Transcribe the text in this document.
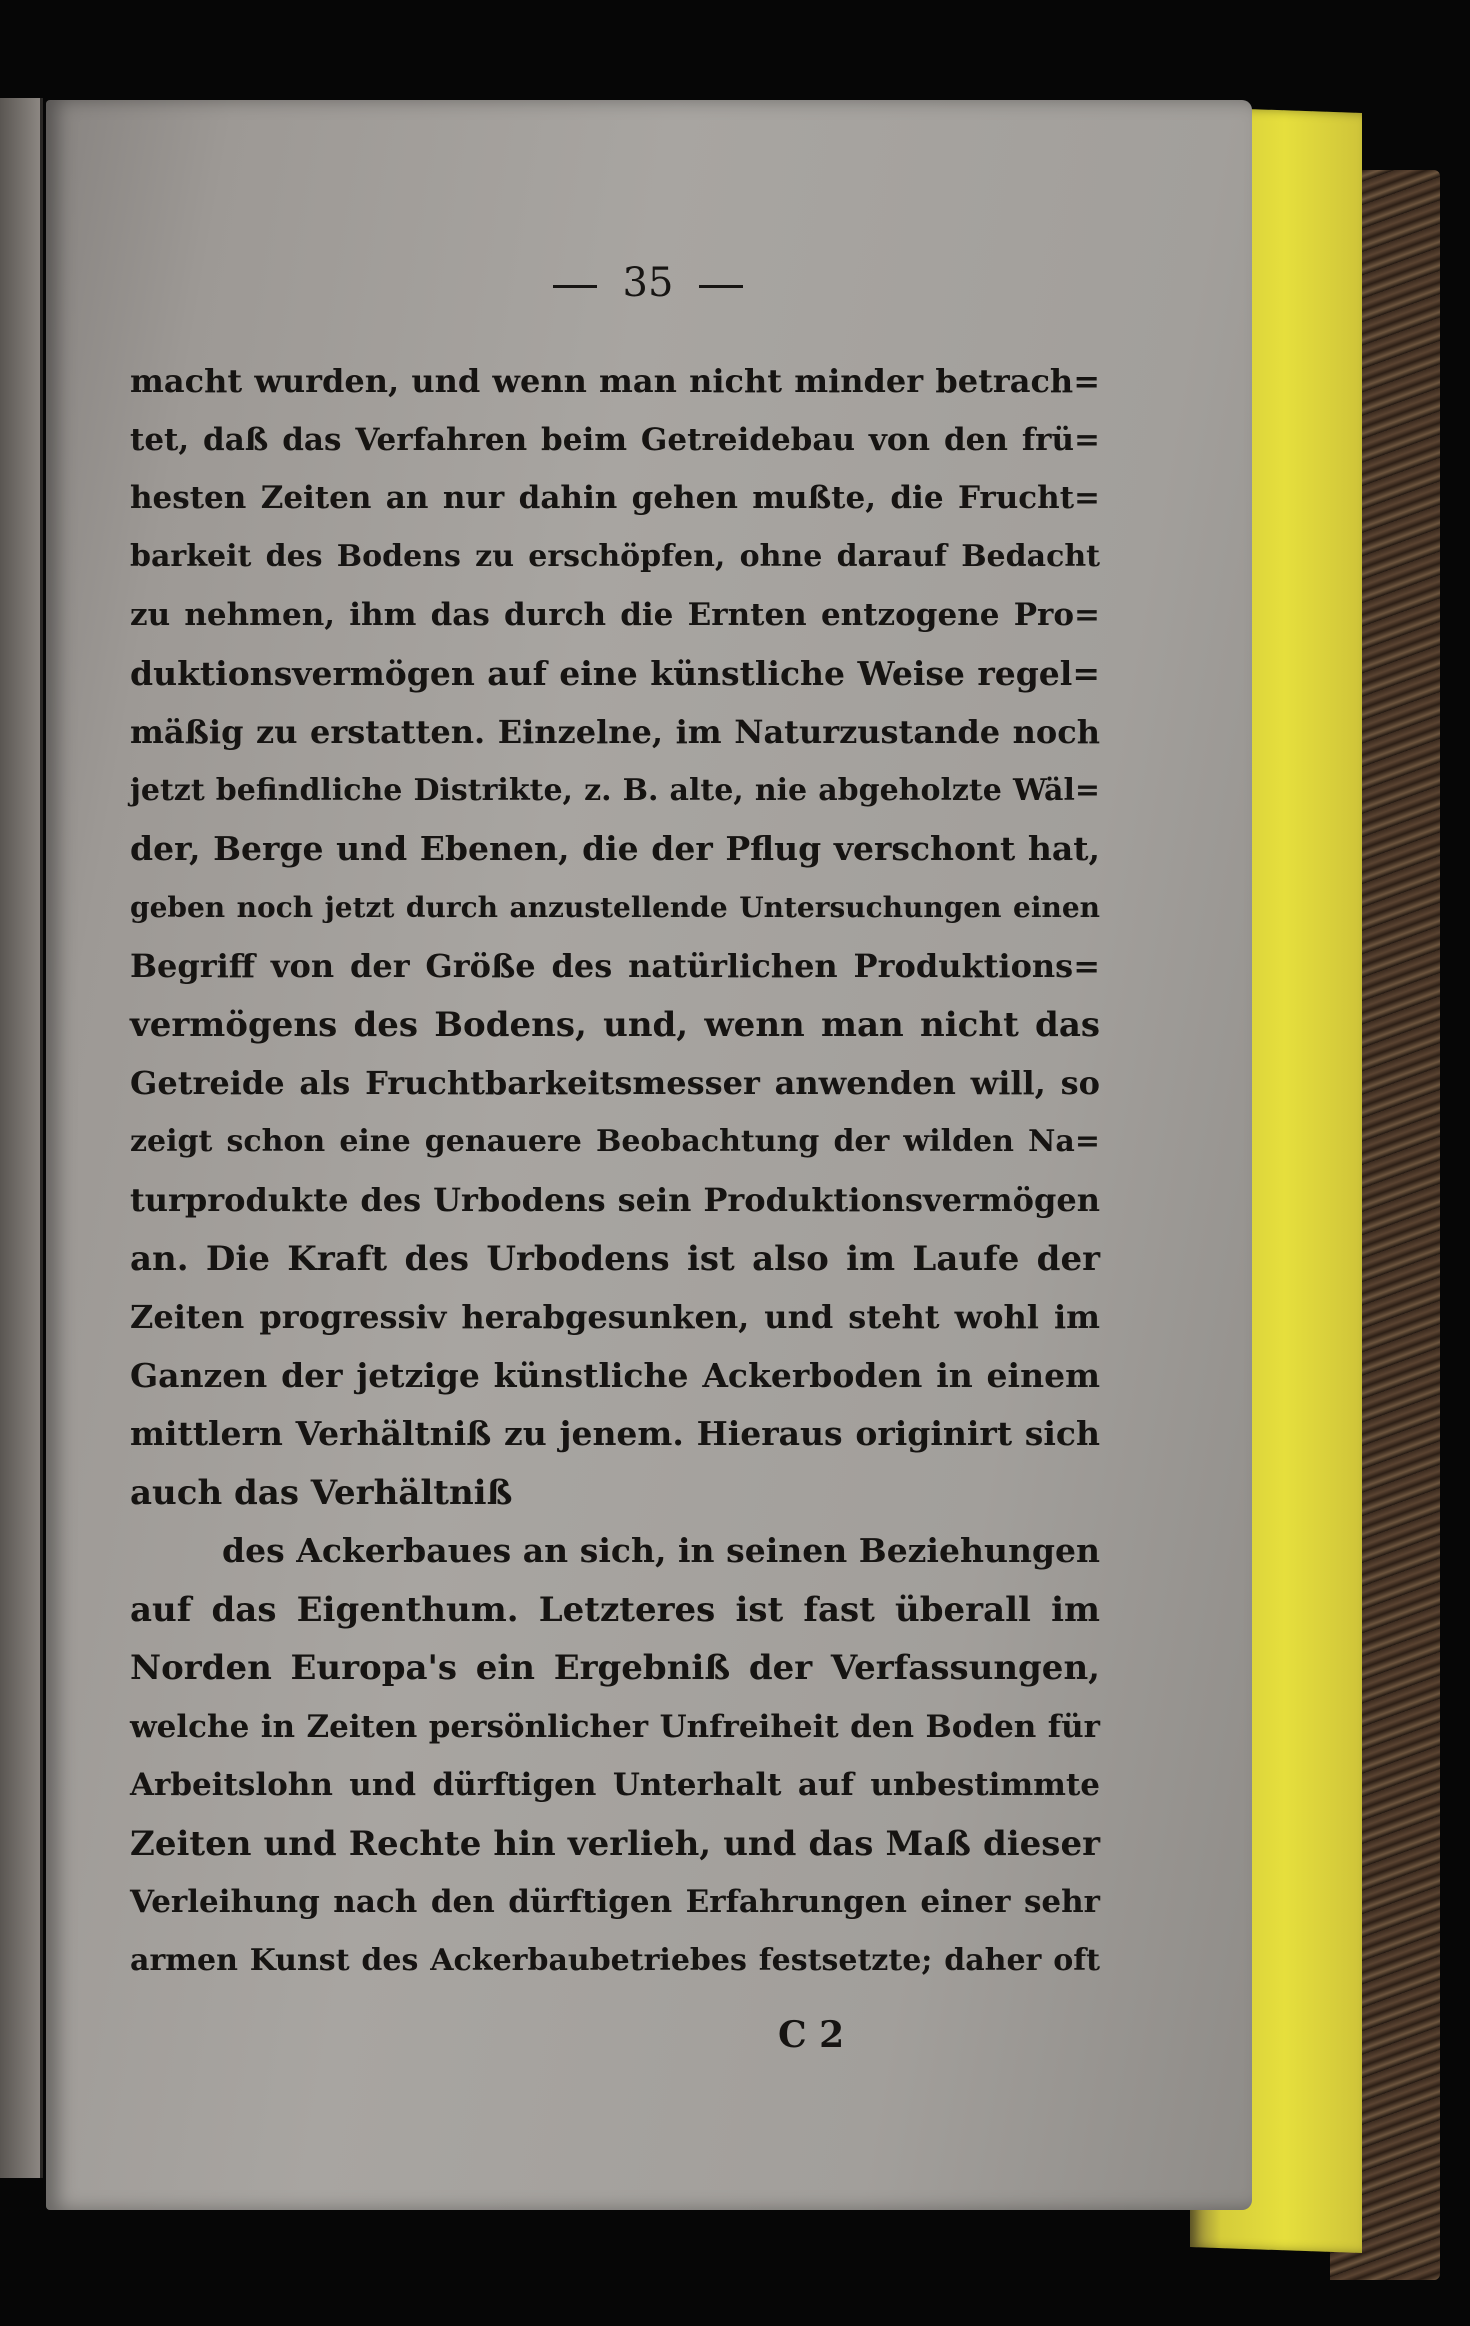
35
macht wurden, und wenn man nicht minder betrach=
tet, daß das Verfahren beim Getreidebau von den frü=
hesten Zeiten an nur dahin gehen mußte, die Frucht=
barkeit des Bodens zu erschöpfen, ohne darauf Bedacht
zu nehmen, ihm das durch die Ernten entzogene Pro=
duktionsvermögen auf eine künstliche Weise regel=
mäßig zu erstatten. Einzelne, im Naturzustande noch
jetzt befindliche Distrikte, z. B. alte, nie abgeholzte Wäl=
der, Berge und Ebenen, die der Pflug verschont hat,
geben noch jetzt durch anzustellende Untersuchungen einen
Begriff von der Größe des natürlichen Produktions=
vermögens des Bodens, und, wenn man nicht das
Getreide als Fruchtbarkeitsmesser anwenden will, so
zeigt schon eine genauere Beobachtung der wilden Na=
turprodukte des Urbodens sein Produktionsvermögen
an. Die Kraft des Urbodens ist also im Laufe der
Zeiten progressiv herabgesunken, und steht wohl im
Ganzen der jetzige künstliche Ackerboden in einem
mittlern Verhältniß zu jenem. Hieraus originirt sich
auch das Verhältniß
des Ackerbaues an sich, in seinen Beziehungen
auf das Eigenthum. Letzteres ist fast überall im
Norden Europa's ein Ergebniß der Verfassungen,
welche in Zeiten persönlicher Unfreiheit den Boden für
Arbeitslohn und dürftigen Unterhalt auf unbestimmte
Zeiten und Rechte hin verlieh, und das Maß dieser
Verleihung nach den dürftigen Erfahrungen einer sehr
armen Kunst des Ackerbaubetriebes festsetzte; daher oft
C 2
